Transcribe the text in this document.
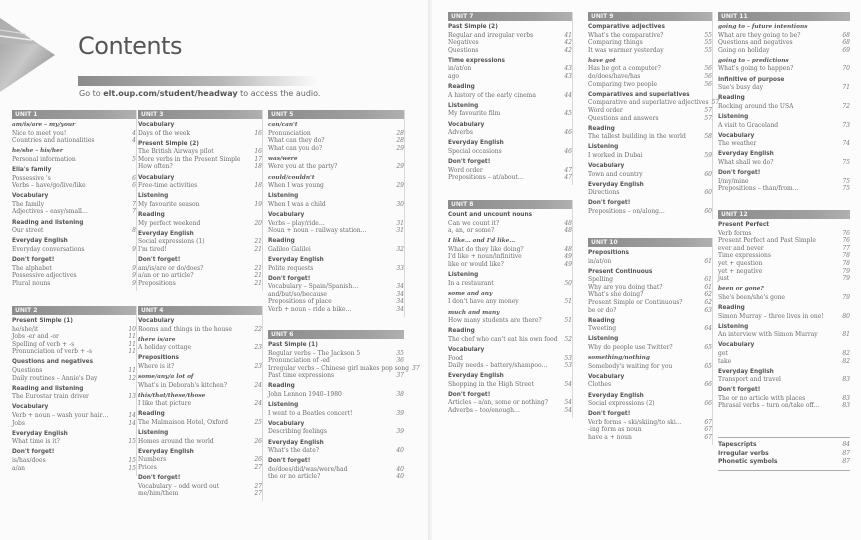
Contents
Go to elt.oup.com/student/headway to access the audio.
UNIT 1
am/is/are – my/your
Nice to meet you!	4
Countries and nationalities	4
he/she – his/her
Personal information	5
Ella's family
Possessive 's	6
Verbs – have/go/live/like	6
Vocabulary
The family	7
Adjectives – easy/small…	7
Reading and listening
Our street	8
Everyday English
Everyday conversations	9
Don't forget!
The alphabet	9
Possessive adjectives	9
Plural nouns	9
UNIT 2
Present Simple (1)
he/she/it	10
Jobs -er and -or	11
Spelling of verb + -s	11
Pronunciation of verb + -s	11
Questions and negatives
Questions	11
Daily routines – Annie's Day	12
Reading and listening
The Eurostar train driver	13
Vocabulary
Verb + noun – wash your hair…	14
Jobs	14
Everyday English
What time is it?	15
Don't forget!
is/has/does	15
a/an	15
UNIT 3
Vocabulary
Days of the week	16
Present Simple (2)
The British Airways pilot	16
More verbs in the Present Simple 17
How often?	18
Vocabulary
Free-time activities	18
Listening
My favourite season	19
Reading
My perfect weekend	20
Everyday English
Social expressions (1)	21
I'm tired!	21
Don't forget!
am/is/are or do/does?	21
a/an or no article?	21
Prepositions	21
UNIT 4
Vocabulary
Rooms and things in the house	22
there is/are
A holiday cottage	23
Prepositions
Where is it?	23
some/any/a lot of
What's in Deborah's kitchen?	24
this/that/these/those
I like that picture	24
Reading
The Malmaison Hotel, Oxford	25
Listening
Homes around the world	26
Everyday English
Numbers	26
Prices	27
Don't forget!
Vocabulary – odd word out	27
me/him/them	27
UNIT 5
can/can't
Pronunciation	28
What can they do?	28
What can you do?	29
was/were
Were you at the party?	29
could/couldn't
When I was young	29
Listening
When I was a child	30
Vocabulary
Verbs – play/ride…	31
Noun + noun – railway station…	31
Reading
Galileo Galilei	32
Everyday English
Polite requests	33
Don't forget!
Vocabulary – Spain/Spanish…	34
and/but/so/because	34
Prepositions of place	34
Verb + noun – ride a bike…	34
UNIT 6
Past Simple (1)
Regular verbs – The Jackson 5	35
Pronunciation of -ed	36
Irregular verbs – Chinese girl makes pop song 37
Past time expressions	37
Reading
John Lennon 1940–1980	38
Listening
I went to a Beatles concert!	39
Vocabulary
Describing feelings	39
Everyday English
What's the date?	40
Don't forget!
do/does/did/was/were/had	40
the or no article?	40
UNIT 7
Past Simple (2)
Regular and irregular verbs	41
Negatives	42
Questions	42
Time expressions
in/at/on	43
ago	43
Reading
A history of the early cinema	44
Listening
My favourite film	45
Vocabulary
Adverbs	46
Everyday English
Special occasions	46
Don't forget!
Word order	47
Prepositions – at/about…	47
UNIT 8
Count and uncount nouns
Can we count it?	48
a, an, or some?	48
I like… and I'd like…
What do they like doing?	48
I'd like + noun/infinitive	49
like or would like?	49
Listening
In a restaurant	50
some and any
I don't have any money	51
much and many
How many students are there?	51
Reading
The chef who can't eat his own food 52
Vocabulary
Food	53
Daily needs – battery/shampoo…	53
Everyday English
Shopping in the High Street	54
Don't forget!
Articles – a/an, some or nothing?	54
Adverbs – too/enough…	54
UNIT 9
Comparative adjectives
What's the comparative?	55
Comparing things	55
It was warmer yesterday	55
have got
Has he got a computer?	56
do/does/have/has	56
Comparing two people	56
Comparatives and superlatives
Comparative and superlative adjectives 57
Word order	57
Questions and answers	57
Reading
The tallest building in the world	58
Listening
I worked in Dubai	59
Vocabulary
Town and country	60
Everyday English
Directions	60
Don't forget!
Prepositions – on/along…	60
UNIT 10
Prepositions
in/at/on	61
Present Continuous
Spelling	61
Why are you doing that?	61
What's she doing?	62
Present Simple or Continuous?	62
be or do?	63
Reading
Tweeting	64
Listening
Why do people use Twitter?	65
something/nothing
Somebody's waiting for you	65
Vocabulary
Clothes	66
Everyday English
Social expressions (2)	66
Don't forget!
Verb forms – ski/skiing/to ski…	67
-ing form as noun	67
have a + noun	67
UNIT 11
going to – future intentions
What are they going to be?	68
Questions and negatives	68
Going on holiday	69
going to – predictions
What's going to happen?	70
Infinitive of purpose
Sue's busy day	71
Reading
Rocking around the USA	72
Listening
A visit to Graceland	73
Vocabulary
The weather	74
Everyday English
What shall we do?	75
Don't forget!
I/my/mine	75
Prepositions – than/from…	75
UNIT 12
Present Perfect
Verb forms	76
Present Perfect and Past Simple	76
ever and never	77
Time expressions	78
yet + question	78
yet + negative	79
just	79
been or gone?
She's been/she's gone	79
Reading
Simon Murray – three lives in one!	80
Listening
An interview with Simon Murray	81
Vocabulary
get	82
take	82
Everyday English
Transport and travel	83
Don't forget!
The or no article with places	83
Phrasal verbs – turn on/take off…	83
Tapescripts	84
Irregular verbs	87
Phonetic symbols	87
